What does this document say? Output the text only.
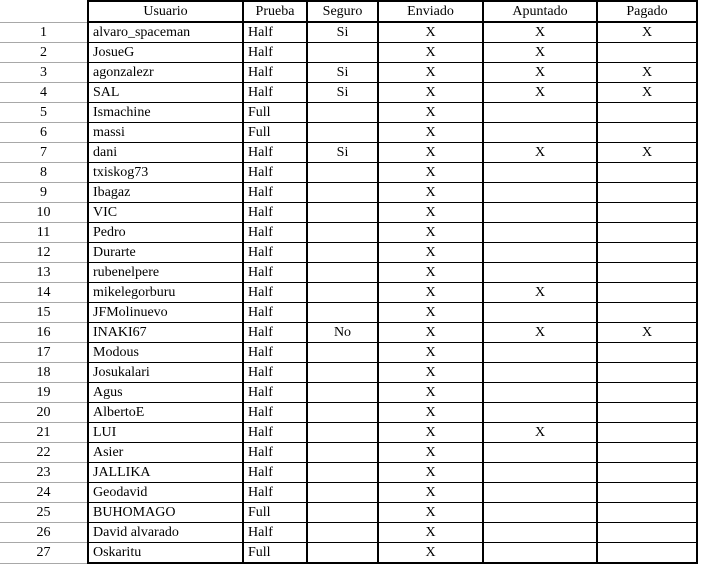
	Usuario	Prueba	Seguro	Enviado	Apuntado	Pagado
1	alvaro_spaceman	Half	Si	X	X	X
2	JosueG	Half		X	X	
3	agonzalezr	Half	Si	X	X	X
4	SAL	Half	Si	X	X	X
5	Ismachine	Full		X		
6	massi	Full		X		
7	dani	Half	Si	X	X	X
8	txiskog73	Half		X		
9	Ibagaz	Half		X		
10	VIC	Half		X		
11	Pedro	Half		X		
12	Durarte	Half		X		
13	rubenelpere	Half		X		
14	mikelegorburu	Half		X	X	
15	JFMolinuevo	Half		X		
16	INAKI67	Half	No	X	X	X
17	Modous	Half		X		
18	Josukalari	Half		X		
19	Agus	Half		X		
20	AlbertoE	Half		X		
21	LUI	Half		X	X	
22	Asier	Half		X		
23	JALLIKA	Half		X		
24	Geodavid	Half		X		
25	BUHOMAGO	Full		X		
26	David alvarado	Half		X		
27	Oskaritu	Full		X		
